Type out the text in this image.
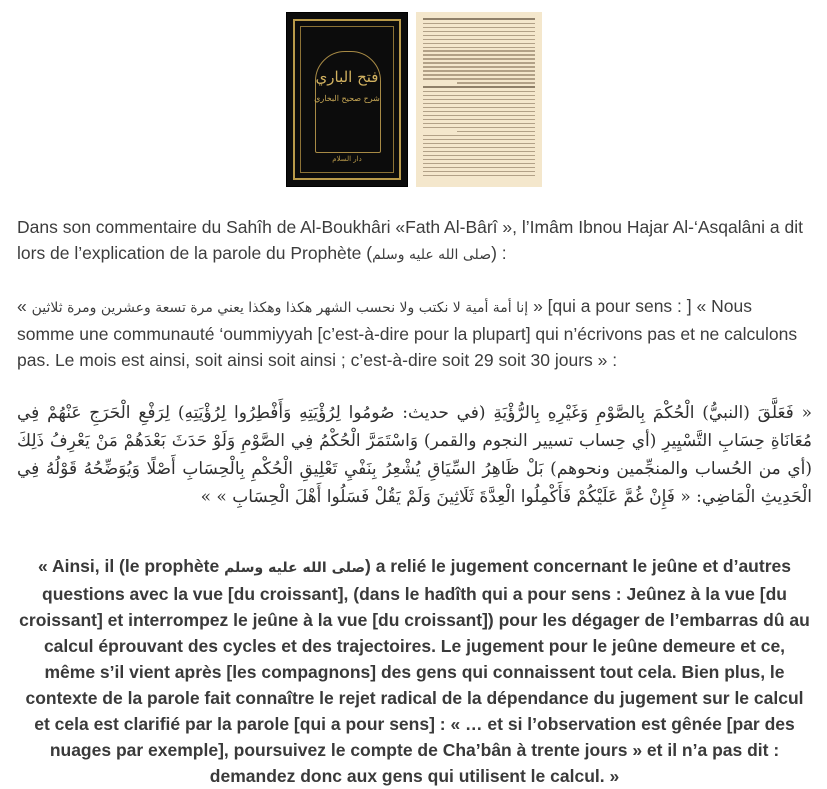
فتح الباري
شرح صحيح البخاري
دار السلام

Dans son commentaire du Sahîh de Al-Boukhâri «Fath Al-Bârî », l’Imâm Ibnou Hajar Al-‘Asqalâni a dit lors de l’explication de la parole du Prophète (صلى الله عليه وسلم) :

« إنا أمة أمية لا نكتب ولا نحسب الشهر هكذا وهكذا يعني مرة تسعة وعشرين ومرة ثلاثين » [qui a pour sens : ] « Nous somme une communauté ‘oummiyyah [c’est-à-dire pour la plupart] qui n’écrivons pas et ne calculons pas. Le mois est ainsi, soit ainsi soit ainsi ; c’est-à-dire soit 29 soit 30 jours » :

« فَعَلَّقَ (النبيُّ) الْحُكْمَ بِالصَّوْمِ وَغَيْرِهِ بِالرُّؤْيَةِ (في حديث: صُومُوا لِرُؤْيَتِهِ وَأَفْطِرُوا لِرُؤْيَتِهِ) لِرَفْعِ الْحَرَجِ عَنْهُمْ فِي مُعَانَاةِ حِسَابِ التَّسْيِيرِ (أي حِساب تسيير النجوم والقمر) وَاسْتَمَرَّ الْحُكْمُ فِي الصَّوْمِ وَلَوْ حَدَثَ بَعْدَهُمْ مَنْ يَعْرِفُ ذَلِكَ (أي من الحُساب والمنجِّمين ونحوهم) بَلْ ظَاهِرُ السِّيَاقِ يُشْعِرُ بِنَفْيِ تَعْلِيقِ الْحُكْمِ بِالْحِسَابِ أَصْلًا وَيُوَضِّحُهُ قَوْلُهُ فِي الْحَدِيثِ الْمَاضِي: « فَإِنْ غُمَّ عَلَيْكُمْ فَأَكْمِلُوا الْعِدَّةَ ثَلَاثِينَ وَلَمْ يَقُلْ فَسَلُوا أَهْلَ الْحِسَابِ » »

« Ainsi, il (le prophète صلى الله عليه وسلم) a relié le jugement concernant le jeûne et d’autres questions avec la vue [du croissant], (dans le hadîth qui a pour sens : Jeûnez à la vue [du croissant] et interrompez le jeûne à la vue [du croissant]) pour les dégager de l’embarras dû au calcul éprouvant des cycles et des trajectoires. Le jugement pour le jeûne demeure et ce, même s’il vient après [les compagnons] des gens qui connaissent tout cela. Bien plus, le contexte de la parole fait connaître le rejet radical de la dépendance du jugement sur le calcul et cela est clarifié par la parole [qui a pour sens] : « … et si l’observation est gênée [par des nuages par exemple], poursuivez le compte de Cha’bân à trente jours » et il n’a pas dit : demandez donc aux gens qui utilisent le calcul. »
